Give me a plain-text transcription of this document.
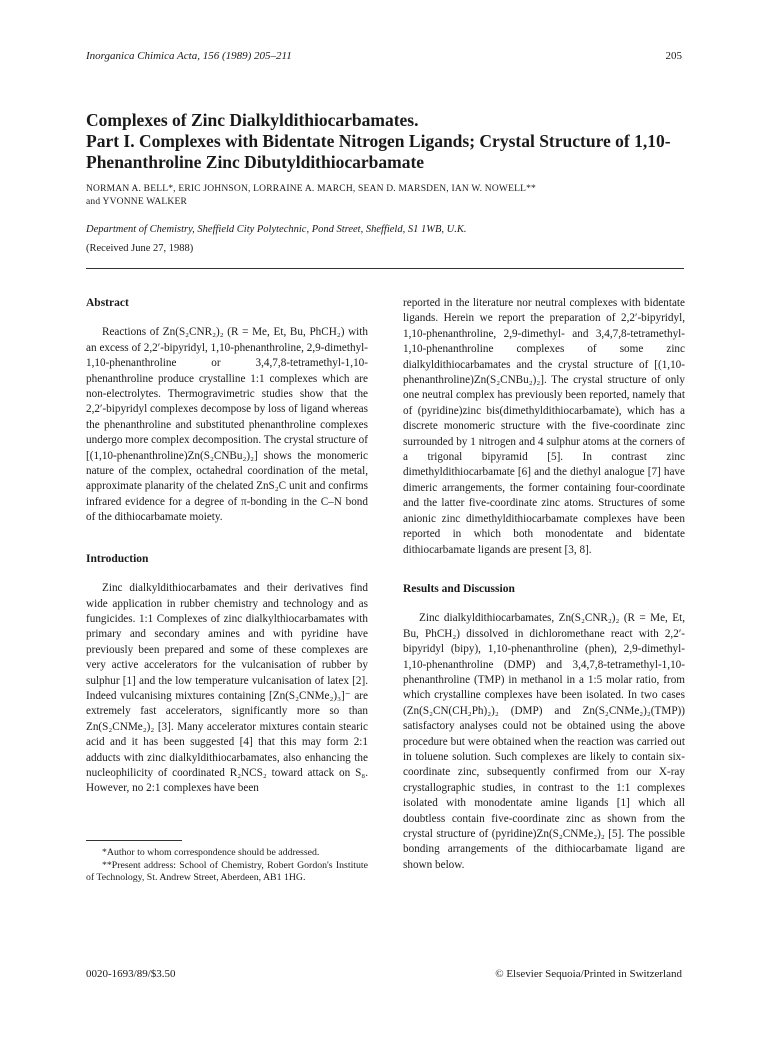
Inorganica Chimica Acta, 156 (1989) 205–211	205
Complexes of Zinc Dialkyldithiocarbamates.
Part I. Complexes with Bidentate Nitrogen Ligands; Crystal Structure of 1,10-
Phenanthroline Zinc Dibutyldithiocarbamate
NORMAN A. BELL*, ERIC JOHNSON, LORRAINE A. MARCH, SEAN D. MARSDEN, IAN W. NOWELL**
and YVONNE WALKER
Department of Chemistry, Sheffield City Polytechnic, Pond Street, Sheffield, S1 1WB, U.K.
(Received June 27, 1988)
Abstract

Reactions of Zn(S₂CNR₂)₂ (R = Me, Et, Bu, PhCH₂) with an excess of 2,2′-bipyridyl, 1,10-phenanthroline, 2,9-dimethyl-1,10-phenanthroline or 3,4,7,8-tetramethyl-1,10-phenanthroline produce crystalline 1:1 complexes which are non-electrolytes. Thermogravimetric studies show that the 2,2′-bipyridyl complexes decompose by loss of ligand whereas the phenanthroline and substituted phenanthroline complexes undergo more complex decomposition. The crystal structure of [(1,10-phenanthroline)Zn(S₂CNBu₂)₂] shows the monomeric nature of the complex, octahedral coordination of the metal, approximate planarity of the chelated ZnS₂C unit and confirms infrared evidence for a degree of π-bonding in the C–N bond of the dithiocarbamate moiety.

Introduction

Zinc dialkyldithiocarbamates and their derivatives find wide application in rubber chemistry and technology and as fungicides. 1:1 Complexes of zinc dialkylthiocarbamates with primary and secondary amines and with pyridine have previously been prepared and some of these complexes are very active accelerators for the vulcanisation of rubber by sulphur [1] and the low temperature vulcanisation of latex [2]. Indeed vulcanising mixtures containing [Zn(S₂CNMe₂)₃]⁻ are extremely fast accelerators, significantly more so than Zn(S₂CNMe₂)₂ [3]. Many accelerator mixtures contain stearic acid and it has been suggested [4] that this may form 2:1 adducts with zinc dialkyldithiocarbamates, also enhancing the nucleophilicity of coordinated R₂NCS₂ toward attack on S₈. However, no 2:1 complexes have been

*Author to whom correspondence should be addressed.

**Present address: School of Chemistry, Robert Gordon's Institute of Technology, St. Andrew Street, Aberdeen, AB1 1HG.

reported in the literature nor neutral complexes with bidentate ligands. Herein we report the preparation of 2,2′-bipyridyl, 1,10-phenanthroline, 2,9-dimethyl- and 3,4,7,8-tetramethyl-1,10-phenanthroline complexes of some zinc dialkyldithiocarbamates and the crystal structure of [(1,10-phenanthroline)Zn(S₂CNBu₂)₂]. The crystal structure of only one neutral complex has previously been reported, namely that of (pyridine)zinc bis(dimethyldithiocarbamate), which has a discrete monomeric structure with the five-coordinate zinc surrounded by 1 nitrogen and 4 sulphur atoms at the corners of a trigonal bipyramid [5]. In contrast zinc dimethyldithiocarbamate [6] and the diethyl analogue [7] have dimeric arrangements, the former containing four-coordinate and the latter five-coordinate zinc atoms. Structures of some anionic zinc dimethyldithiocarbamate complexes have been reported in which both monodentate and bidentate dithiocarbamate ligands are present [3, 8].

Results and Discussion

Zinc dialkyldithiocarbamates, Zn(S₂CNR₂)₂ (R = Me, Et, Bu, PhCH₂) dissolved in dichloromethane react with 2,2′-bipyridyl (bipy), 1,10-phenanthroline (phen), 2,9-dimethyl-1,10-phenanthroline (DMP) and 3,4,7,8-tetramethyl-1,10-phenanthroline (TMP) in methanol in a 1:5 molar ratio, from which crystalline complexes have been isolated. In two cases (Zn(S₂CN(CH₂Ph)₂)₂ (DMP) and Zn(S₂CNMe₂)₂(TMP)) satisfactory analyses could not be obtained using the above procedure but were obtained when the reaction was carried out in toluene solution. Such complexes are likely to contain six-coordinate zinc, subsequently confirmed from our X-ray crystallographic studies, in contrast to the 1:1 complexes isolated with monodentate amine ligands [1] which all doubtless contain five-coordinate zinc as shown from the crystal structure of (pyridine)Zn(S₂CNMe₂)₂ [5]. The possible bonding arrangements of the dithiocarbamate ligand are shown below.

0020-1693/89/$3.50	© Elsevier Sequoia/Printed in Switzerland
